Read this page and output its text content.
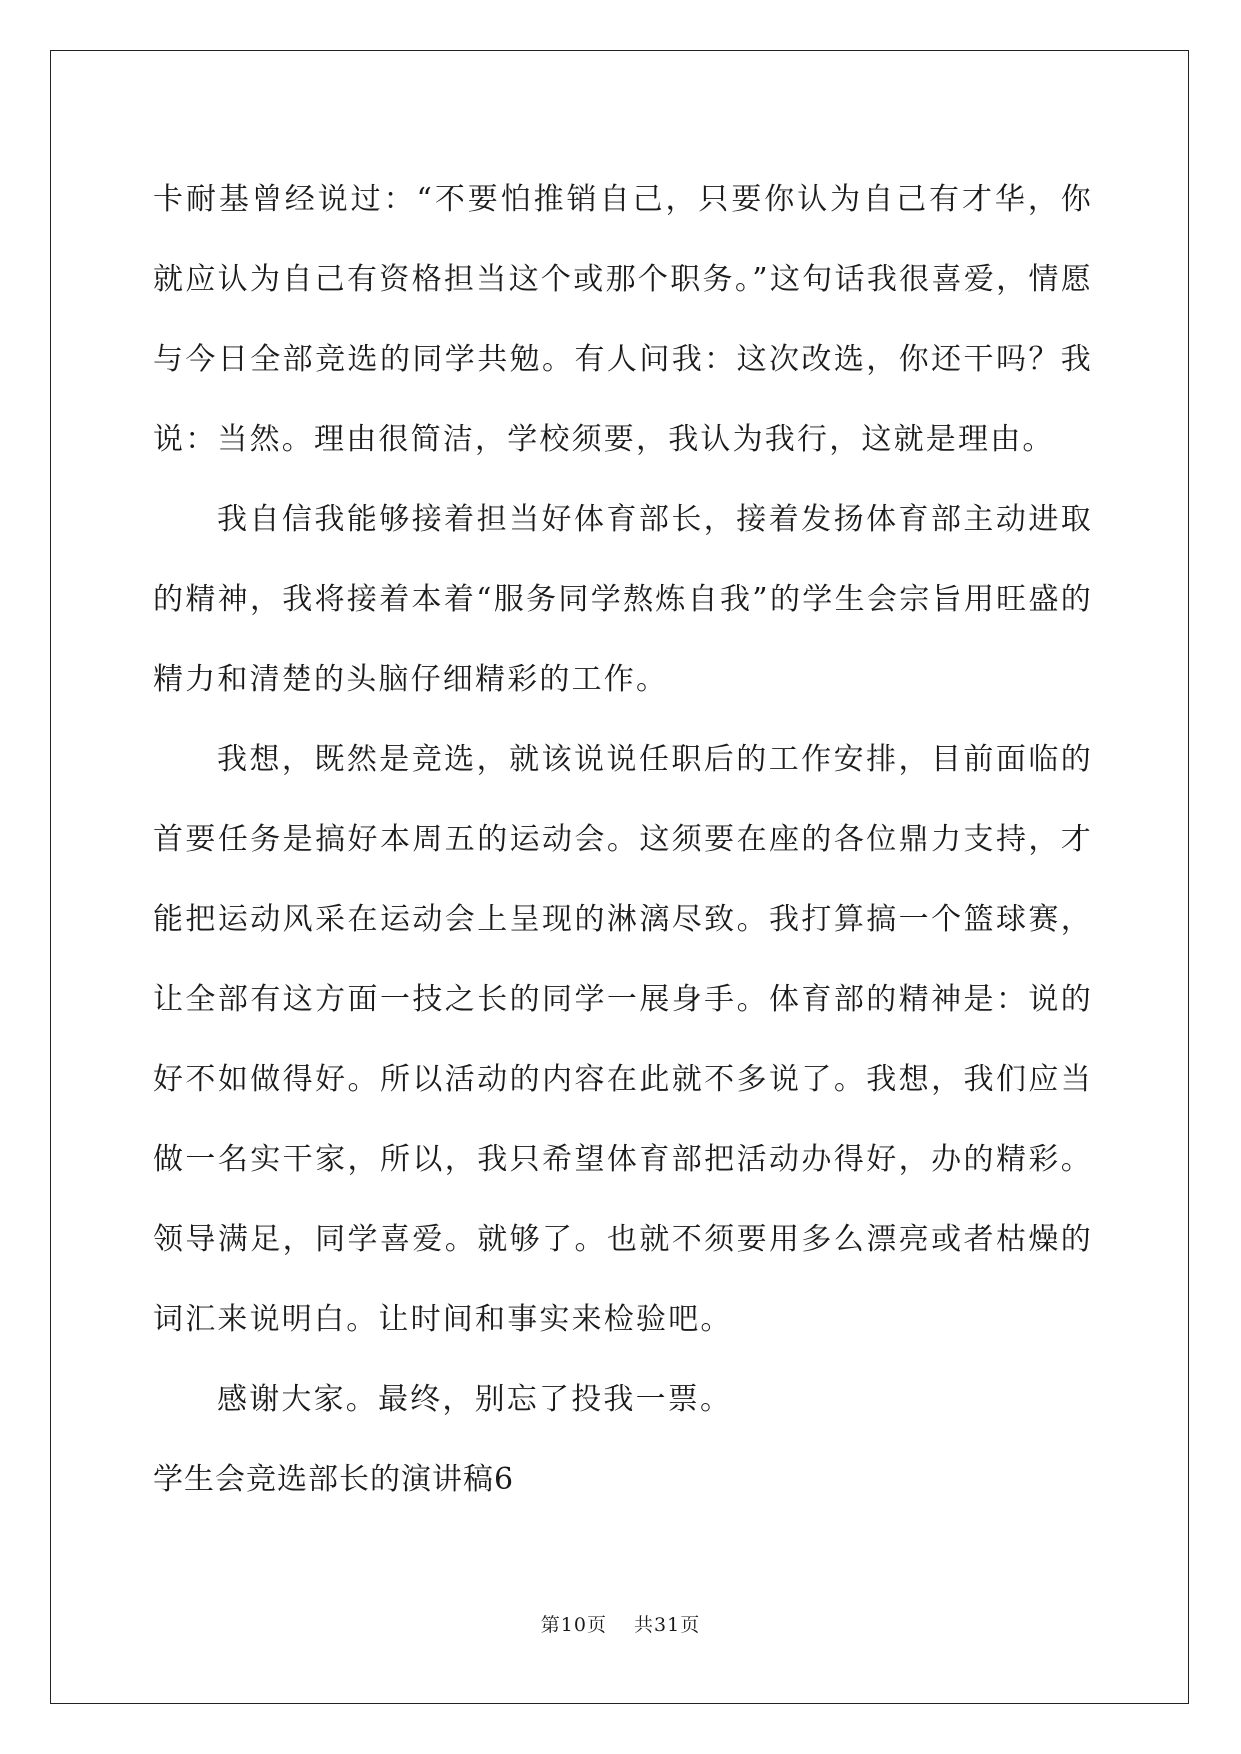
卡耐基曾经说过：“不要怕推销自己，只要你认为自己有才华，你就应认为自己有资格担当这个或那个职务。”这句话我很喜爱，情愿与今日全部竞选的同学共勉。有人问我：这次改选，你还干吗？我说：当然。理由很简洁，学校须要，我认为我行，这就是理由。

我自信我能够接着担当好体育部长，接着发扬体育部主动进取的精神，我将接着本着“服务同学熬炼自我”的学生会宗旨用旺盛的精力和清楚的头脑仔细精彩的工作。

我想，既然是竞选，就该说说任职后的工作安排，目前面临的首要任务是搞好本周五的运动会。这须要在座的各位鼎力支持，才能把运动风采在运动会上呈现的淋漓尽致。我打算搞一个篮球赛，让全部有这方面一技之长的同学一展身手。体育部的精神是：说的好不如做得好。所以活动的内容在此就不多说了。我想，我们应当做一名实干家，所以，我只希望体育部把活动办得好，办的精彩。领导满足，同学喜爱。就够了。也就不须要用多么漂亮或者枯燥的词汇来说明白。让时间和事实来检验吧。

感谢大家。最终，别忘了投我一票。

学生会竞选部长的演讲稿6

第10页 共31页
